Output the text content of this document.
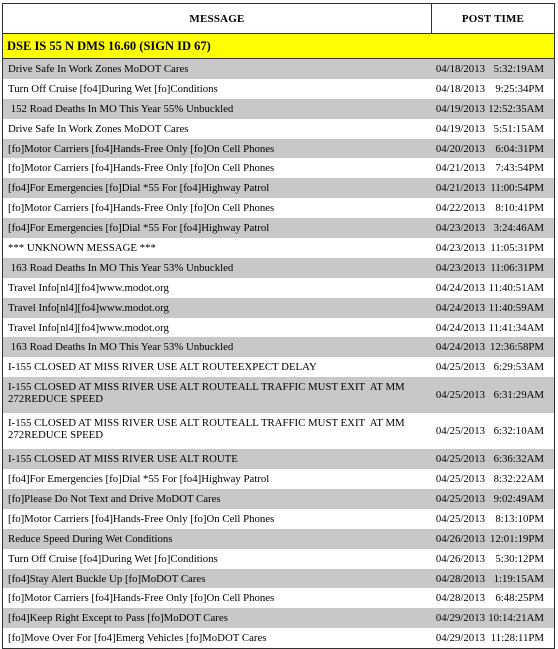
MESSAGE	POST TIME
DSE IS 55 N DMS 16.60 (SIGN ID 67)
Drive Safe In Work Zones MoDOT Cares	04/18/2013 5:32:19AM
Turn Off Cruise [fo4]During Wet [fo]Conditions	04/18/2013 9:25:34PM
152 Road Deaths In MO This Year 55% Unbuckled	04/19/2013 12:52:35AM
Drive Safe In Work Zones MoDOT Cares	04/19/2013 5:51:15AM
[fo]Motor Carriers [fo4]Hands-Free Only [fo]On Cell Phones	04/20/2013 6:04:31PM
[fo]Motor Carriers [fo4]Hands-Free Only [fo]On Cell Phones	04/21/2013 7:43:54PM
[fo4]For Emergencies [fo]Dial *55 For [fo4]Highway Patrol	04/21/2013 11:00:54PM
[fo]Motor Carriers [fo4]Hands-Free Only [fo]On Cell Phones	04/22/2013 8:10:41PM
[fo4]For Emergencies [fo]Dial *55 For [fo4]Highway Patrol	04/23/2013 3:24:46AM
*** UNKNOWN MESSAGE ***	04/23/2013 11:05:31PM
163 Road Deaths In MO This Year 53% Unbuckled	04/23/2013 11:06:31PM
Travel Info[nl4][fo4]www.modot.org	04/24/2013 11:40:51AM
Travel Info[nl4][fo4]www.modot.org	04/24/2013 11:40:59AM
Travel Info[nl4][fo4]www.modot.org	04/24/2013 11:41:34AM
163 Road Deaths In MO This Year 53% Unbuckled	04/24/2013 12:36:58PM
I-155 CLOSED AT MISS RIVER USE ALT ROUTEEXPECT DELAY	04/25/2013 6:29:53AM
I-155 CLOSED AT MISS RIVER USE ALT ROUTEALL TRAFFIC MUST EXIT  AT MM 272REDUCE SPEED	04/25/2013 6:31:29AM
I-155 CLOSED AT MISS RIVER USE ALT ROUTEALL TRAFFIC MUST EXIT  AT MM 272REDUCE SPEED	04/25/2013 6:32:10AM
I-155 CLOSED AT MISS RIVER USE ALT ROUTE	04/25/2013 6:36:32AM
[fo4]For Emergencies [fo]Dial *55 For [fo4]Highway Patrol	04/25/2013 8:32:22AM
[fo]Please Do Not Text and Drive MoDOT Cares	04/25/2013 9:02:49AM
[fo]Motor Carriers [fo4]Hands-Free Only [fo]On Cell Phones	04/25/2013 8:13:10PM
Reduce Speed During Wet Conditions	04/26/2013 12:01:19PM
Turn Off Cruise [fo4]During Wet [fo]Conditions	04/26/2013 5:30:12PM
[fo4]Stay Alert Buckle Up [fo]MoDOT Cares	04/28/2013 1:19:15AM
[fo]Motor Carriers [fo4]Hands-Free Only [fo]On Cell Phones	04/28/2013 6:48:25PM
[fo4]Keep Right Except to Pass [fo]MoDOT Cares	04/29/2013 10:14:21AM
[fo]Move Over For [fo4]Emerg Vehicles [fo]MoDOT Cares	04/29/2013 11:28:11PM
